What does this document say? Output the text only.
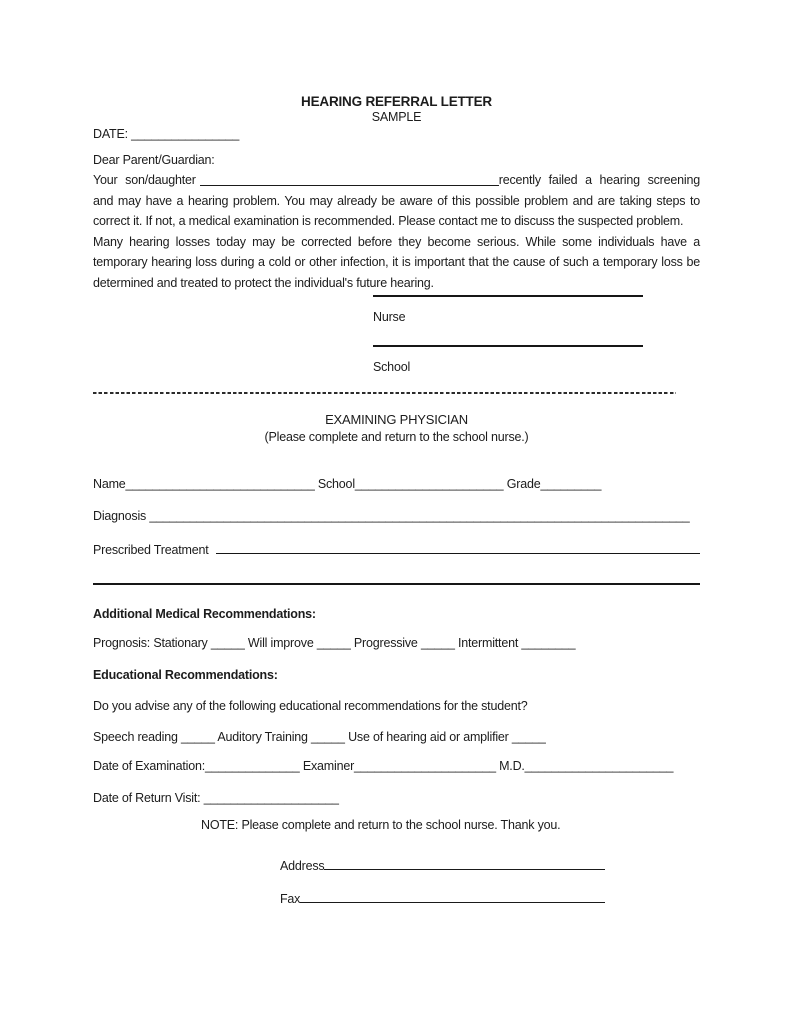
HEARING REFERRAL LETTER
SAMPLE
DATE: ________________
Dear Parent/Guardian:

Your son/daughter	recently failed a hearing screening and may have a hearing problem. You may already be aware of this possible problem and are taking steps to correct it. If not, a medical examination is recommended. Please contact me to discuss the suspected problem.

Many hearing losses today may be corrected before they become serious. While some individuals have a temporary hearing loss during a cold or other infection, it is important that the cause of such a temporary loss be determined and treated to protect the individual's future hearing.

Nurse
School
EXAMINING PHYSICIAN
(Please complete and return to the school nurse.)
Name____________________________ School______________________ Grade_________
Diagnosis ________________________________________________________________________________
Prescribed Treatment
Additional Medical Recommendations:
Prognosis: Stationary _____ Will improve _____ Progressive _____ Intermittent ________
Educational Recommendations:
Do you advise any of the following educational recommendations for the student?
Speech reading _____ Auditory Training _____ Use of hearing aid or amplifier _____
Date of Examination:______________ Examiner_____________________ M.D.______________________
Date of Return Visit: ____________________
NOTE: Please complete and return to the school nurse. Thank you.
Address
Fax
